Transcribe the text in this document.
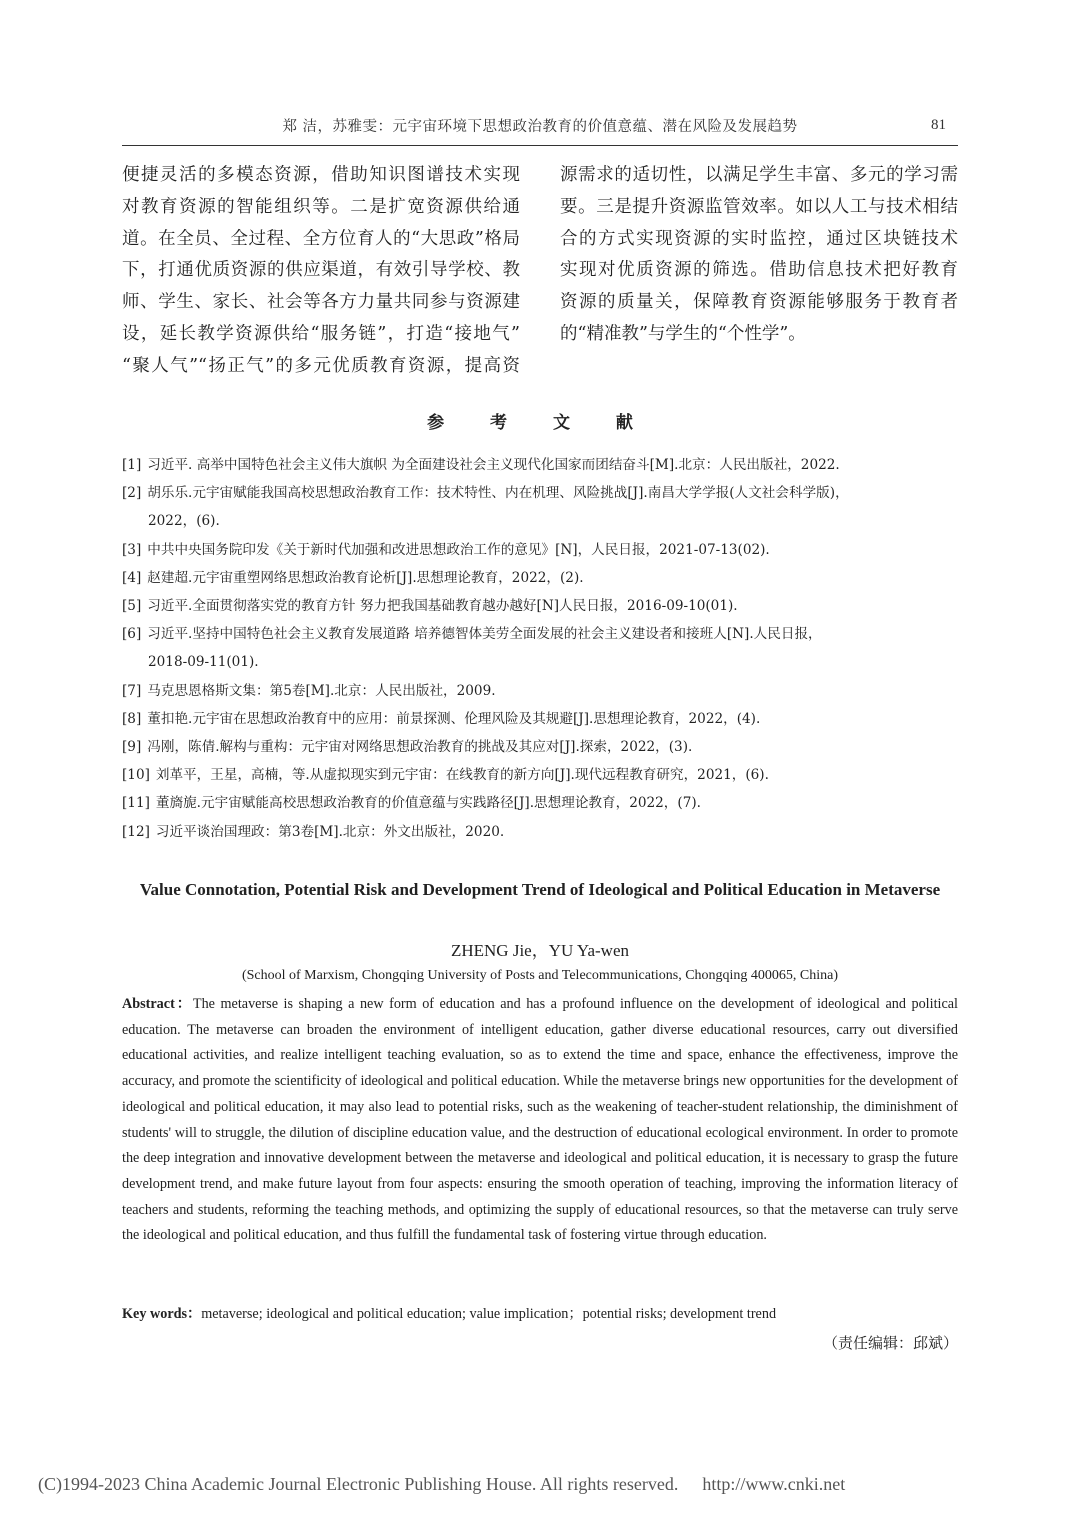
郑 洁，苏雅雯：元宇宙环境下思想政治教育的价值意蕴、潜在风险及发展趋势	81
便捷灵活的多模态资源，借助知识图谱技术实现
对教育资源的智能组织等。二是扩宽资源供给通
道。在全员、全过程、全方位育人的“大思政”格局
下，打通优质资源的供应渠道，有效引导学校、教
师、学生、家长、社会等各方力量共同参与资源建
设，延长教学资源供给“服务链”，打造“接地气”
“聚人气”“扬正气”的多元优质教育资源，提高资
源需求的适切性，以满足学生丰富、多元的学习需
要。三是提升资源监管效率。如以人工与技术相结
合的方式实现资源的实时监控，通过区块链技术
实现对优质资源的筛选。借助信息技术把好教育
资源的质量关，保障教育资源能够服务于教育者
的“精准教”与学生的“个性学”。
参 考 文 献
[1] 习近平. 高举中国特色社会主义伟大旗帜 为全面建设社会主义现代化国家而团结奋斗[M].北京：人民出版社，2022.
[2] 胡乐乐.元宇宙赋能我国高校思想政治教育工作：技术特性、内在机理、风险挑战[J].南昌大学学报(人文社会科学版)，
2022，(6).
[3] 中共中央国务院印发《关于新时代加强和改进思想政治工作的意见》[N]，人民日报，2021-07-13(02).
[4] 赵建超.元宇宙重塑网络思想政治教育论析[J].思想理论教育，2022，(2).
[5] 习近平.全面贯彻落实党的教育方针 努力把我国基础教育越办越好[N]人民日报，2016-09-10(01).
[6] 习近平.坚持中国特色社会主义教育发展道路 培养德智体美劳全面发展的社会主义建设者和接班人[N].人民日报，
2018-09-11(01).
[7] 马克思恩格斯文集：第5卷[M].北京：人民出版社，2009.
[8] 董扣艳.元宇宙在思想政治教育中的应用：前景探测、伦理风险及其规避[J].思想理论教育，2022，(4).
[9] 冯刚，陈倩.解构与重构：元宇宙对网络思想政治教育的挑战及其应对[J].探索，2022，(3).
[10] 刘革平，王星，高楠，等.从虚拟现实到元宇宙：在线教育的新方向[J].现代远程教育研究，2021，(6).
[11] 董旖旎.元宇宙赋能高校思想政治教育的价值意蕴与实践路径[J].思想理论教育，2022，(7).
[12] 习近平谈治国理政：第3卷[M].北京：外文出版社，2020.
Value Connotation, Potential Risk and Development Trend of Ideological and Political Education in Metaverse
ZHENG Jie，YU Ya-wen
(School of Marxism, Chongqing University of Posts and Telecommunications, Chongqing 400065, China)
Abstract：The metaverse is shaping a new form of education and has a profound influence on the development of ideological and political education. The metaverse can broaden the environment of intelligent education, gather diverse educational resources, carry out diversified educational activities, and realize intelligent teaching evaluation, so as to extend the time and space, enhance the effectiveness, improve the accuracy, and promote the scientificity of ideological and political education. While the metaverse brings new opportunities for the development of ideological and political education, it may also lead to potential risks, such as the weakening of teacher-student relationship, the diminishment of students' will to struggle, the dilution of discipline education value, and the destruction of educational ecological environment. In order to promote the deep integration and innovative development between the metaverse and ideological and political education, it is necessary to grasp the future development trend, and make future layout from four aspects: ensuring the smooth operation of teaching, improving the information literacy of teachers and students, reforming the teaching methods, and optimizing the supply of educational resources, so that the metaverse can truly serve the ideological and political education, and thus fulfill the fundamental task of fostering virtue through education.
Key words：metaverse; ideological and political education; value implication；potential risks; development trend
（责任编辑：邱斌）
(C)1994-2023 China Academic Journal Electronic Publishing House. All rights reserved. http://www.cnki.net
